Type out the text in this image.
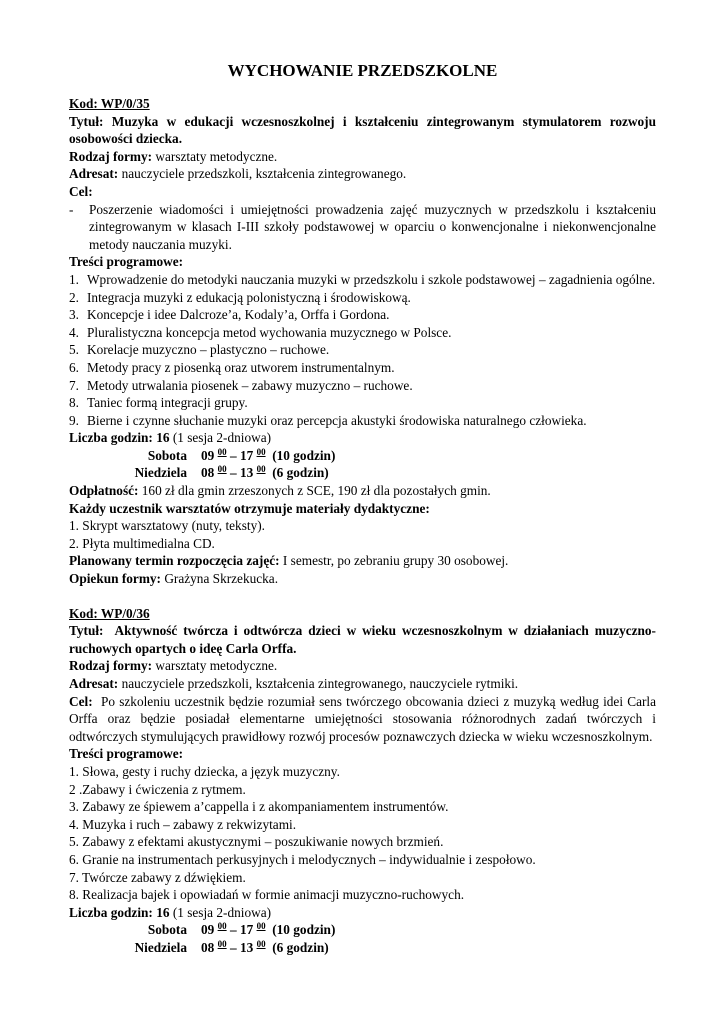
WYCHOWANIE PRZEDSZKOLNE

Kod: WP/0/35

Tytuł: Muzyka w edukacji wczesnoszkolnej i kształceniu zintegrowanym stymulatorem rozwoju osobowości dziecka.

Rodzaj formy: warsztaty metodyczne.

Adresat: nauczyciele przedszkoli, kształcenia zintegrowanego.

Cel:

-	Poszerzenie wiadomości i umiejętności prowadzenia zajęć muzycznych w przedszkolu i kształceniu zintegrowanym w klasach I-III szkoły podstawowej w oparciu o konwencjonalne i niekonwencjonalne metody nauczania muzyki.

Treści programowe:

1. Wprowadzenie do metodyki nauczania muzyki w przedszkolu i szkole podstawowej – zagadnienia ogólne.
2. Integracja muzyki z edukacją polonistyczną i środowiskową.
3. Koncepcje i idee Dalcroze’a, Kodaly’a, Orffa i Gordona.
4. Pluralistyczna koncepcja metod wychowania muzycznego w Polsce.
5. Korelacje muzyczno – plastyczno – ruchowe.
6. Metody pracy z piosenką oraz utworem instrumentalnym.
7. Metody utrwalania piosenek – zabawy muzyczno – ruchowe.
8. Taniec formą integracji grupy.
9. Bierne i czynne słuchanie muzyki oraz percepcja akustyki środowiska naturalnego człowieka.

Liczba godzin: 16 (1 sesja 2-dniowa)

Sobota	09 $^{00}$ – 17 $^{00}$ (10 godzin)
Niedziela	08 $^{00}$ – 13 $^{00}$ (6 godzin)

Odpłatność: 160 zł dla gmin zrzeszonych z SCE, 190 zł dla pozostałych gmin.

Każdy uczestnik warsztatów otrzymuje materiały dydaktyczne:

1. Skrypt warsztatowy (nuty, teksty).

2. Płyta multimedialna CD.

Planowany termin rozpoczęcia zajęć: I semestr, po zebraniu grupy 30 osobowej.

Opiekun formy: Grażyna Skrzekucka.

Kod: WP/0/36

Tytuł: Aktywność twórcza i odtwórcza dzieci w wieku wczesnoszkolnym w działaniach muzyczno-ruchowych opartych o ideę Carla Orffa.

Rodzaj formy: warsztaty metodyczne.

Adresat: nauczyciele przedszkoli, kształcenia zintegrowanego, nauczyciele rytmiki.

Cel: Po szkoleniu uczestnik będzie rozumiał sens twórczego obcowania dzieci z muzyką według idei Carla Orffa oraz będzie posiadał elementarne umiejętności stosowania różnorodnych zadań twórczych i odtwórczych stymulujących prawidłowy rozwój procesów poznawczych dziecka w wieku wczesnoszkolnym.

Treści programowe:

1. Słowa, gesty i ruchy dziecka, a język muzyczny.

2 .Zabawy i ćwiczenia z rytmem.

3. Zabawy ze śpiewem a’cappella i z akompaniamentem instrumentów.

4. Muzyka i ruch – zabawy z rekwizytami.

5. Zabawy z efektami akustycznymi – poszukiwanie nowych brzmień.

6. Granie na instrumentach perkusyjnych i melodycznych – indywidualnie i zespołowo.

7. Twórcze zabawy z dźwiękiem.

8. Realizacja bajek i opowiadań w formie animacji muzyczno-ruchowych.

Liczba godzin: 16 (1 sesja 2-dniowa)

Sobota	09 $^{00}$ – 17 $^{00}$ (10 godzin)
Niedziela	08 $^{00}$ – 13 $^{00}$ (6 godzin)
